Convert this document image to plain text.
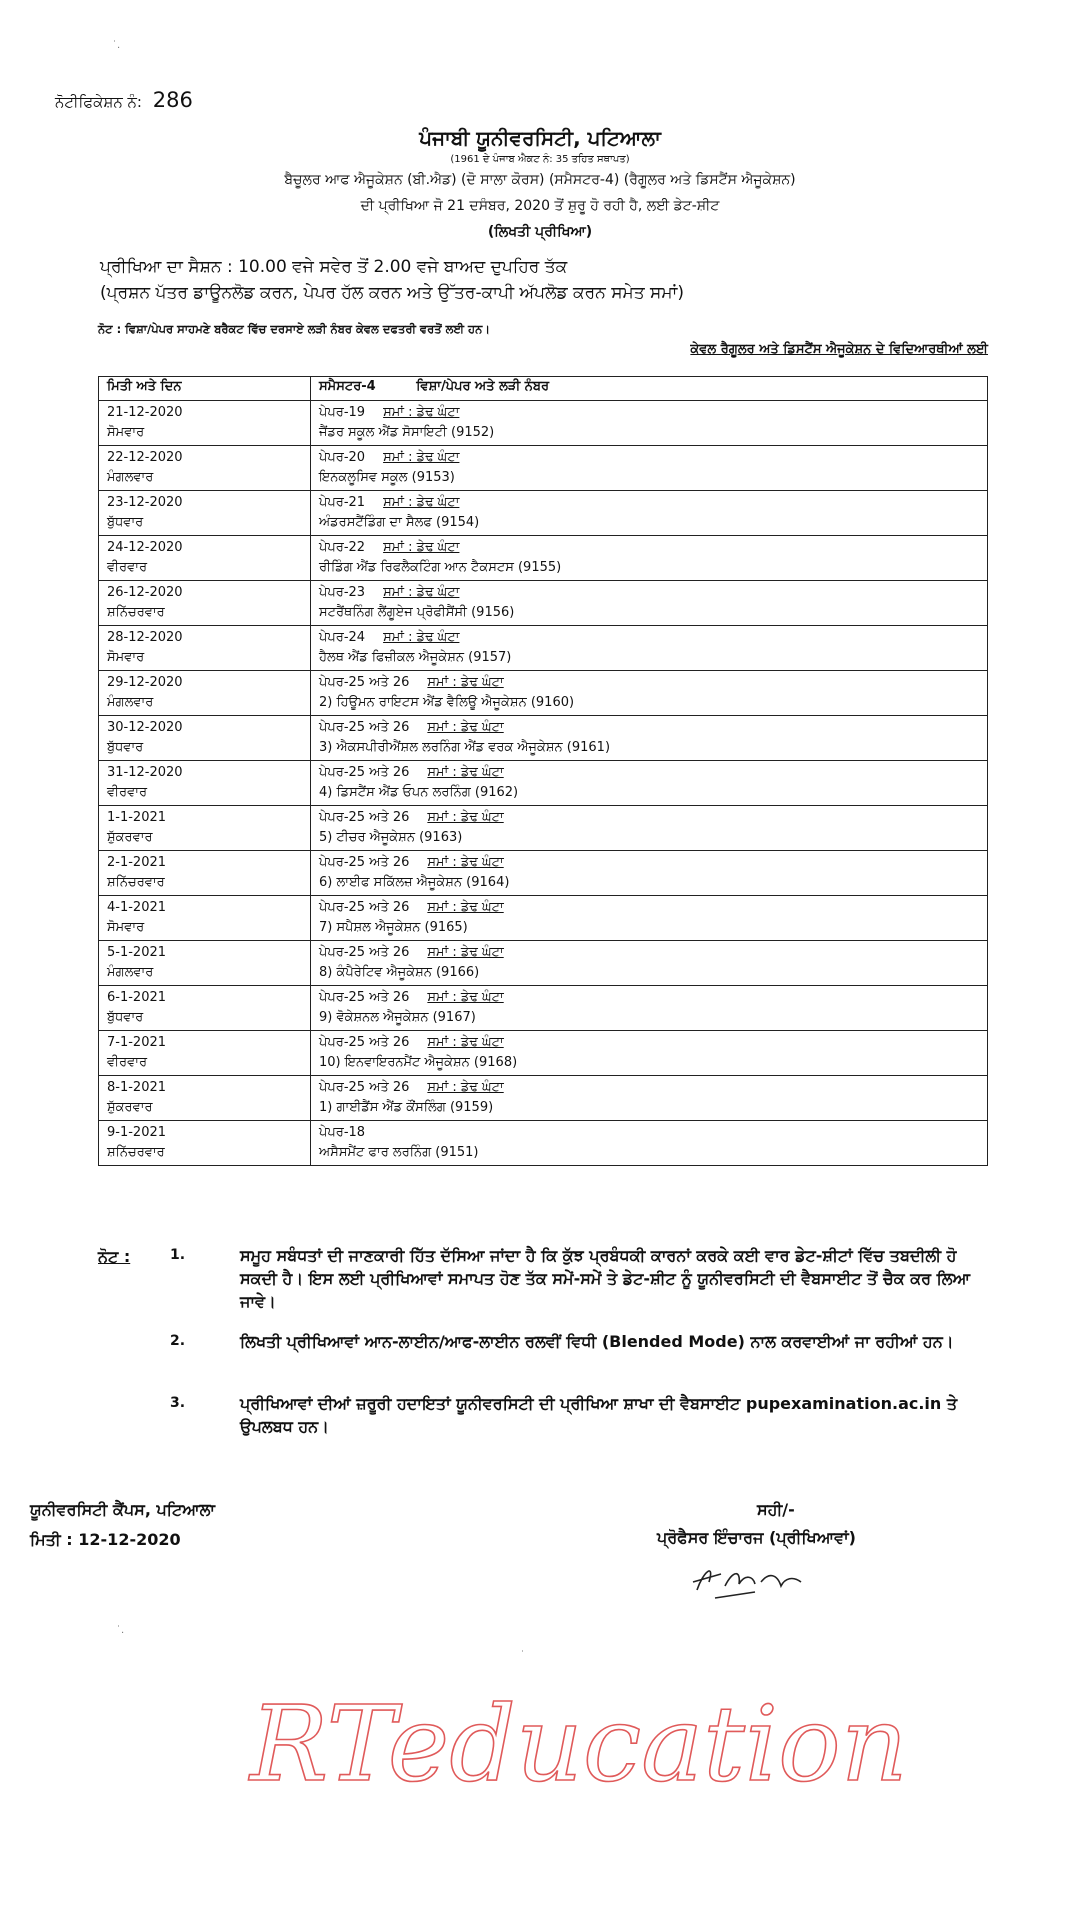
ਨੋਟੀਫਿਕੇਸ਼ਨ ਨੰ: 286
ਪੰਜਾਬੀ ਯੂਨੀਵਰਸਿਟੀ, ਪਟਿਆਲਾ
(1961 ਦੇ ਪੰਜਾਬ ਐਕਟ ਨੰ: 35 ਤਹਿਤ ਸਥਾਪਤ)
ਬੈਚੂਲਰ ਆਫ ਐਜੂਕੇਸ਼ਨ (ਬੀ.ਐਡ) (ਦੋ ਸਾਲਾ ਕੋਰਸ) (ਸਮੈਸਟਰ-4) (ਰੈਗੂਲਰ ਅਤੇ ਡਿਸਟੈਂਸ ਐਜੂਕੇਸ਼ਨ)
ਦੀ ਪ੍ਰੀਖਿਆ ਜੋ 21 ਦਸੰਬਰ, 2020 ਤੋਂ ਸ਼ੁਰੂ ਹੋ ਰਹੀ ਹੈ, ਲਈ ਡੇਟ-ਸ਼ੀਟ
(ਲਿਖਤੀ ਪ੍ਰੀਖਿਆ)
ਪ੍ਰੀਖਿਆ ਦਾ ਸੈਸ਼ਨ : 10.00 ਵਜੇ ਸਵੇਰ ਤੋਂ 2.00 ਵਜੇ ਬਾਅਦ ਦੁਪਹਿਰ ਤੱਕ
(ਪ੍ਰਸ਼ਨ ਪੱਤਰ ਡਾਊਨਲੋਡ ਕਰਨ, ਪੇਪਰ ਹੱਲ ਕਰਨ ਅਤੇ ਉੱਤਰ-ਕਾਪੀ ਅੱਪਲੋਡ ਕਰਨ ਸਮੇਤ ਸਮਾਂ)
ਨੋਟ : ਵਿਸ਼ਾ/ਪੇਪਰ ਸਾਹਮਣੇ ਬਰੈਕਟ ਵਿੱਚ ਦਰਸਾਏ ਲੜੀ ਨੰਬਰ ਕੇਵਲ ਦਫਤਰੀ ਵਰਤੋਂ ਲਈ ਹਨ।
ਕੇਵਲ ਰੈਗੂਲਰ ਅਤੇ ਡਿਸਟੈਂਸ ਐਜੂਕੇਸ਼ਨ ਦੇ ਵਿਦਿਆਰਥੀਆਂ ਲਈ
ਮਿਤੀ ਅਤੇ ਦਿਨ	ਸਮੈਸਟਰ-4 ਵਿਸ਼ਾ/ਪੇਪਰ ਅਤੇ ਲੜੀ ਨੰਬਰ

21-12-2020
ਸੋਮਵਾਰ	ਪੇਪਰ-19 ਸਮਾਂ : ਡੇਢ ਘੰਟਾ
ਜੈਂਡਰ ਸਕੂਲ ਐਂਡ ਸੋਸਾਇਟੀ (9152)

22-12-2020
ਮੰਗਲਵਾਰ	ਪੇਪਰ-20 ਸਮਾਂ : ਡੇਢ ਘੰਟਾ
ਇਨਕਲੂਸਿਵ ਸਕੂਲ (9153)

23-12-2020
ਬੁੱਧਵਾਰ	ਪੇਪਰ-21 ਸਮਾਂ : ਡੇਢ ਘੰਟਾ
ਅੰਡਰਸਟੈਂਡਿੰਗ ਦਾ ਸੈਲਫ (9154)

24-12-2020
ਵੀਰਵਾਰ	ਪੇਪਰ-22 ਸਮਾਂ : ਡੇਢ ਘੰਟਾ
ਰੀਡਿੰਗ ਐਂਡ ਰਿਫਲੈਕਟਿੰਗ ਆਨ ਟੈਕਸਟਸ (9155)

26-12-2020
ਸ਼ਨਿੱਚਰਵਾਰ	ਪੇਪਰ-23 ਸਮਾਂ : ਡੇਢ ਘੰਟਾ
ਸਟਰੈਂਥਨਿੰਗ ਲੈਂਗੂਏਜ ਪ੍ਰੋਫੀਸੈਂਸੀ (9156)

28-12-2020
ਸੋਮਵਾਰ	ਪੇਪਰ-24 ਸਮਾਂ : ਡੇਢ ਘੰਟਾ
ਹੈਲਥ ਐਂਡ ਫਿਜ਼ੀਕਲ ਐਜੂਕੇਸ਼ਨ (9157)

29-12-2020
ਮੰਗਲਵਾਰ	ਪੇਪਰ-25 ਅਤੇ 26 ਸਮਾਂ : ਡੇਢ ਘੰਟਾ
2) ਹਿਊਮਨ ਰਾਇਟਸ ਐਂਡ ਵੈਲਿਊ ਐਜੂਕੇਸ਼ਨ (9160)

30-12-2020
ਬੁੱਧਵਾਰ	ਪੇਪਰ-25 ਅਤੇ 26 ਸਮਾਂ : ਡੇਢ ਘੰਟਾ
3) ਐਕਸਪੀਰੀਐਂਸ਼ਲ ਲਰਨਿੰਗ ਐਂਡ ਵਰਕ ਐਜੂਕੇਸ਼ਨ (9161)

31-12-2020
ਵੀਰਵਾਰ	ਪੇਪਰ-25 ਅਤੇ 26 ਸਮਾਂ : ਡੇਢ ਘੰਟਾ
4) ਡਿਸਟੈਂਸ ਐਂਡ ਓਪਨ ਲਰਨਿੰਗ (9162)

1-1-2021
ਸ਼ੁੱਕਰਵਾਰ	ਪੇਪਰ-25 ਅਤੇ 26 ਸਮਾਂ : ਡੇਢ ਘੰਟਾ
5) ਟੀਚਰ ਐਜੂਕੇਸ਼ਨ (9163)

2-1-2021
ਸ਼ਨਿੱਚਰਵਾਰ	ਪੇਪਰ-25 ਅਤੇ 26 ਸਮਾਂ : ਡੇਢ ਘੰਟਾ
6) ਲਾਈਫ ਸਕਿੱਲਜ਼ ਐਜੂਕੇਸ਼ਨ (9164)

4-1-2021
ਸੋਮਵਾਰ	ਪੇਪਰ-25 ਅਤੇ 26 ਸਮਾਂ : ਡੇਢ ਘੰਟਾ
7) ਸਪੈਸ਼ਲ ਐਜੂਕੇਸ਼ਨ (9165)

5-1-2021
ਮੰਗਲਵਾਰ	ਪੇਪਰ-25 ਅਤੇ 26 ਸਮਾਂ : ਡੇਢ ਘੰਟਾ
8) ਕੰਪੈਰੇਟਿਵ ਐਜੂਕੇਸ਼ਨ (9166)

6-1-2021
ਬੁੱਧਵਾਰ	ਪੇਪਰ-25 ਅਤੇ 26 ਸਮਾਂ : ਡੇਢ ਘੰਟਾ
9) ਵੋਕੇਸ਼ਨਲ ਐਜੂਕੇਸ਼ਨ (9167)

7-1-2021
ਵੀਰਵਾਰ	ਪੇਪਰ-25 ਅਤੇ 26 ਸਮਾਂ : ਡੇਢ ਘੰਟਾ
10) ਇਨਵਾਇਰਨਮੈਂਟ ਐਜੂਕੇਸ਼ਨ (9168)

8-1-2021
ਸ਼ੁੱਕਰਵਾਰ	ਪੇਪਰ-25 ਅਤੇ 26 ਸਮਾਂ : ਡੇਢ ਘੰਟਾ
1) ਗਾਈਡੈਂਸ ਐਂਡ ਕੌਂਸਲਿੰਗ (9159)

9-1-2021
ਸ਼ਨਿੱਚਰਵਾਰ	ਪੇਪਰ-18
ਅਸੈਸਮੈਂਟ ਫਾਰ ਲਰਨਿੰਗ (9151)
ਨੋਟ :	1.	ਸਮੂਹ ਸਬੰਧਤਾਂ ਦੀ ਜਾਣਕਾਰੀ ਹਿੱਤ ਦੱਸਿਆ ਜਾਂਦਾ ਹੈ ਕਿ ਕੁੱਝ ਪ੍ਰਬੰਧਕੀ ਕਾਰਨਾਂ ਕਰਕੇ ਕਈ ਵਾਰ ਡੇਟ-ਸ਼ੀਟਾਂ ਵਿੱਚ ਤਬਦੀਲੀ ਹੋ ਸਕਦੀ ਹੈ। ਇਸ ਲਈ ਪ੍ਰੀਖਿਆਵਾਂ ਸਮਾਪਤ ਹੋਣ ਤੱਕ ਸਮੇਂ-ਸਮੇਂ ਤੇ ਡੇਟ-ਸ਼ੀਟ ਨੂੰ ਯੂਨੀਵਰਸਿਟੀ ਦੀ ਵੈਬਸਾਈਟ ਤੋਂ ਚੈਕ ਕਰ ਲਿਆ ਜਾਵੇ।
2.	ਲਿਖਤੀ ਪ੍ਰੀਖਿਆਵਾਂ ਆਨ-ਲਾਈਨ/ਆਫ-ਲਾਈਨ ਰਲਵੀਂ ਵਿਧੀ (Blended Mode) ਨਾਲ ਕਰਵਾਈਆਂ ਜਾ ਰਹੀਆਂ ਹਨ।
3.	ਪ੍ਰੀਖਿਆਵਾਂ ਦੀਆਂ ਜ਼ਰੂਰੀ ਹਦਾਇਤਾਂ ਯੂਨੀਵਰਸਿਟੀ ਦੀ ਪ੍ਰੀਖਿਆ ਸ਼ਾਖਾ ਦੀ ਵੈਬਸਾਈਟ pupexamination.ac.in ਤੇ ਉਪਲਬਧ ਹਨ।
ਯੂਨੀਵਰਸਿਟੀ ਕੈਂਪਸ, ਪਟਿਆਲਾ
ਮਿਤੀ : 12-12-2020
ਸਹੀ/-
ਪ੍ਰੋਫੈਸਰ ਇੰਚਾਰਜ (ਪ੍ਰੀਖਿਆਵਾਂ)
RTeducation
˙.
˙.
˙
